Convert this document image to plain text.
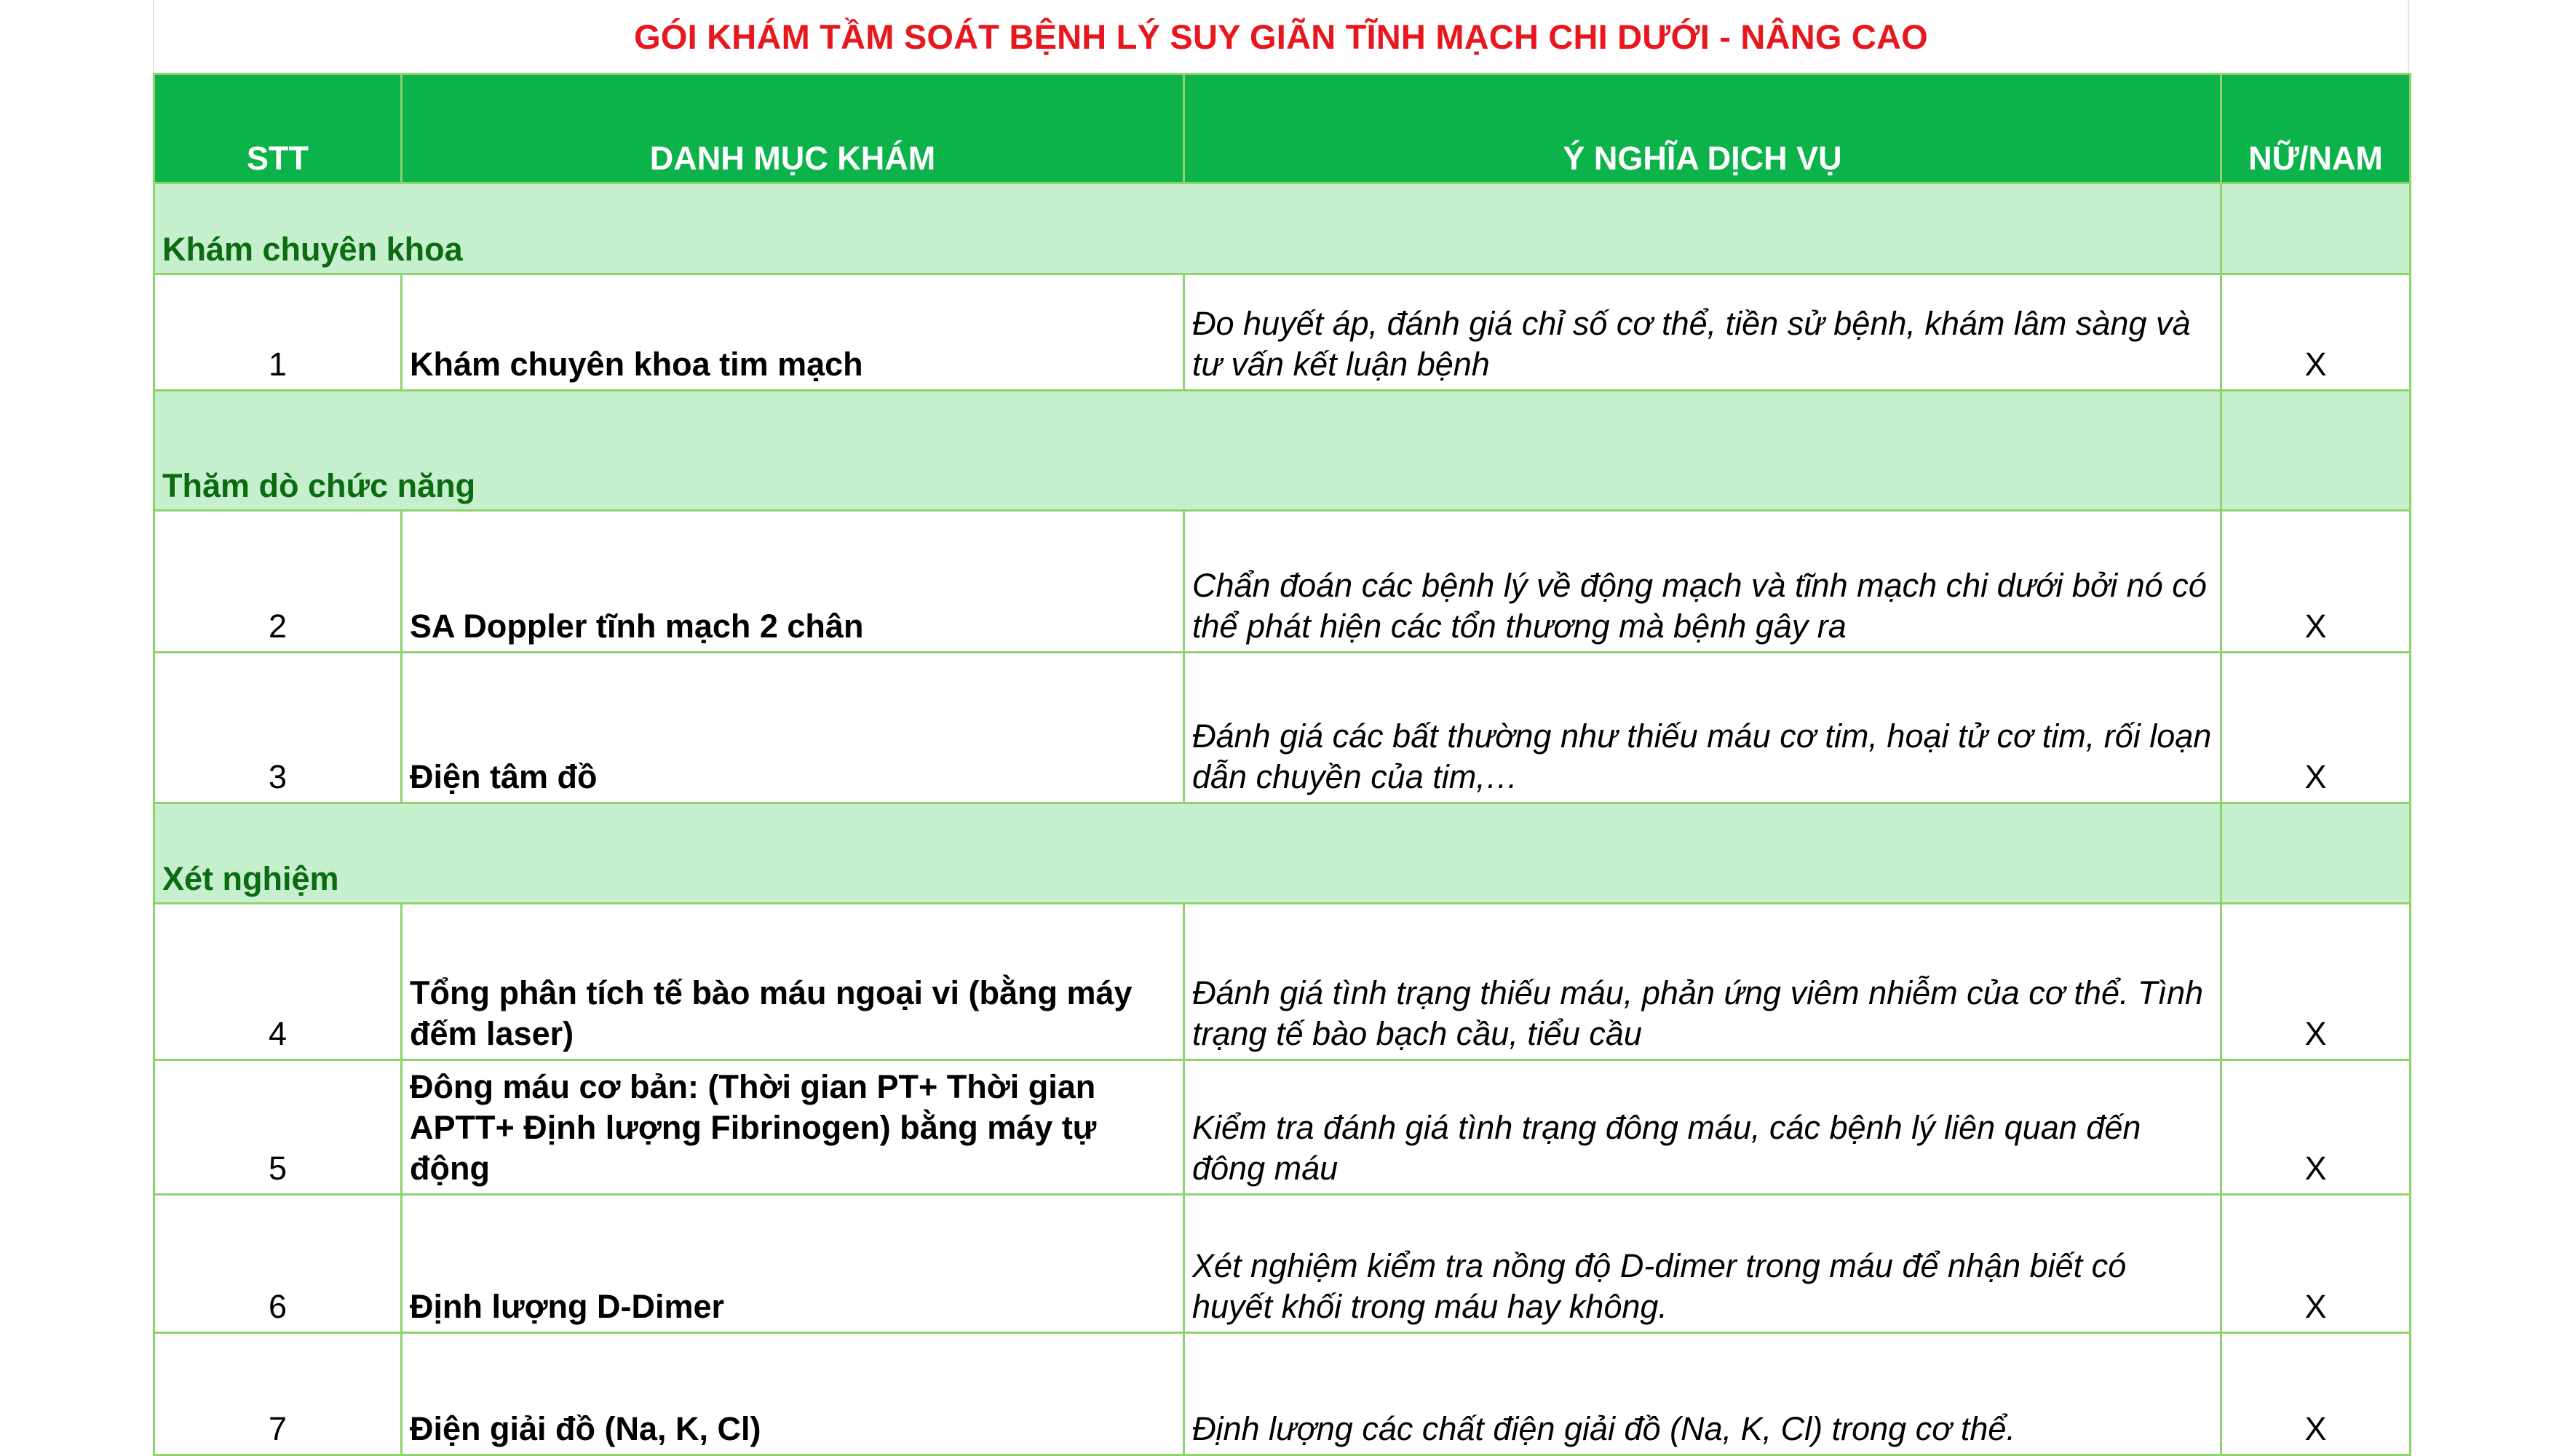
GÓI KHÁM TẦM SOÁT BỆNH LÝ SUY GIÃN TĨNH MẠCH CHI DƯỚI - NÂNG CAO
STT	DANH MỤC KHÁM	Ý NGHĨA DỊCH VỤ	NỮ/NAM
Khám chuyên khoa			
1	Khám chuyên khoa tim mạch	Đo huyết áp, đánh giá chỉ số cơ thể, tiền sử bệnh, khám lâm sàng và tư vấn kết luận bệnh	X
Thăm dò chức năng			
2	SA Doppler tĩnh mạch 2 chân	Chẩn đoán các bệnh lý về động mạch và tĩnh mạch chi dưới bởi nó có thể phát hiện các tổn thương mà bệnh gây ra	X
3	Điện tâm đồ	Đánh giá các bất thường như thiếu máu cơ tim, hoại tử cơ tim, rối loạn dẫn chuyền của tim,…	X
Xét nghiệm			
4	Tổng phân tích tế bào máu ngoại vi (bằng máy đếm laser)	Đánh giá tình trạng thiếu máu, phản ứng viêm nhiễm của cơ thể. Tình trạng tế bào bạch cầu, tiểu cầu	X
5	Đông máu cơ bản: (Thời gian PT+ Thời gian APTT+ Định lượng Fibrinogen) bằng máy tự động	Kiểm tra đánh giá tình trạng đông máu, các bệnh lý liên quan đến đông máu	X
6	Định lượng D-Dimer	Xét nghiệm kiểm tra nồng độ D-dimer trong máu để nhận biết có huyết khối trong máu hay không.	X
7	Điện giải đồ (Na, K, Cl)	Định lượng các chất điện giải đồ (Na, K, Cl) trong cơ thể.	X
